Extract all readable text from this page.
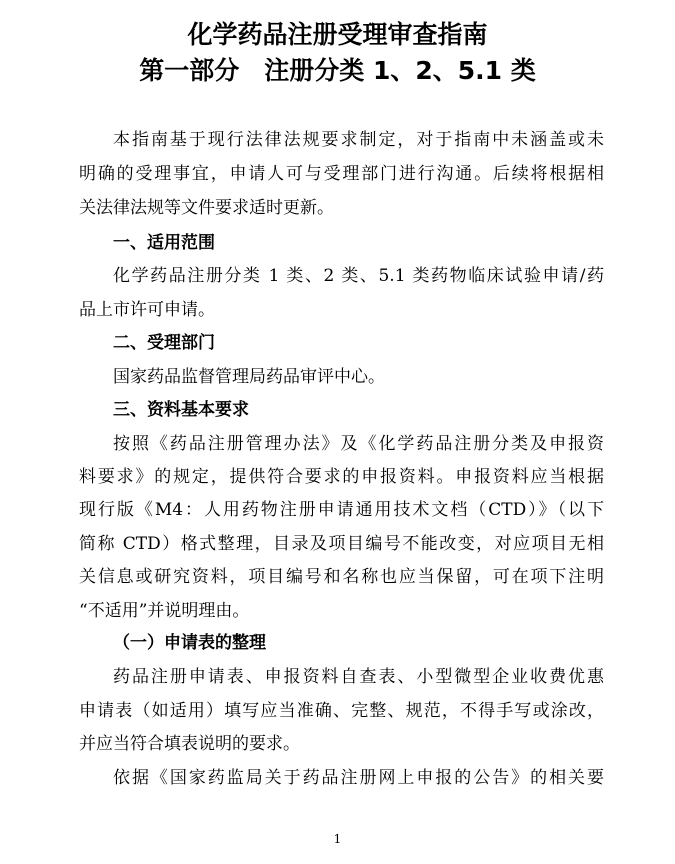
化学药品注册受理审查指南
第一部分　注册分类 1、2、5.1 类
本指南基于现行法律法规要求制定，对于指南中未涵盖或未
明确的受理事宜，申请人可与受理部门进行沟通。后续将根据相
关法律法规等文件要求适时更新。
一、适用范围
化学药品注册分类 1 类、2 类、5.1 类药物临床试验申请/药
品上市许可申请。
二、受理部门
国家药品监督管理局药品审评中心。
三、资料基本要求
按照《药品注册管理办法》及《化学药品注册分类及申报资
料要求》的规定，提供符合要求的申报资料。申报资料应当根据
现行版《M4：人用药物注册申请通用技术文档（CTD）》（以下
简称 CTD）格式整理，目录及项目编号不能改变，对应项目无相
关信息或研究资料，项目编号和名称也应当保留，可在项下注明
“不适用”并说明理由。
（一）申请表的整理
药品注册申请表、申报资料自查表、小型微型企业收费优惠
申请表（如适用）填写应当准确、完整、规范，不得手写或涂改，
并应当符合填表说明的要求。
依据《国家药监局关于药品注册网上申报的公告》的相关要
1
